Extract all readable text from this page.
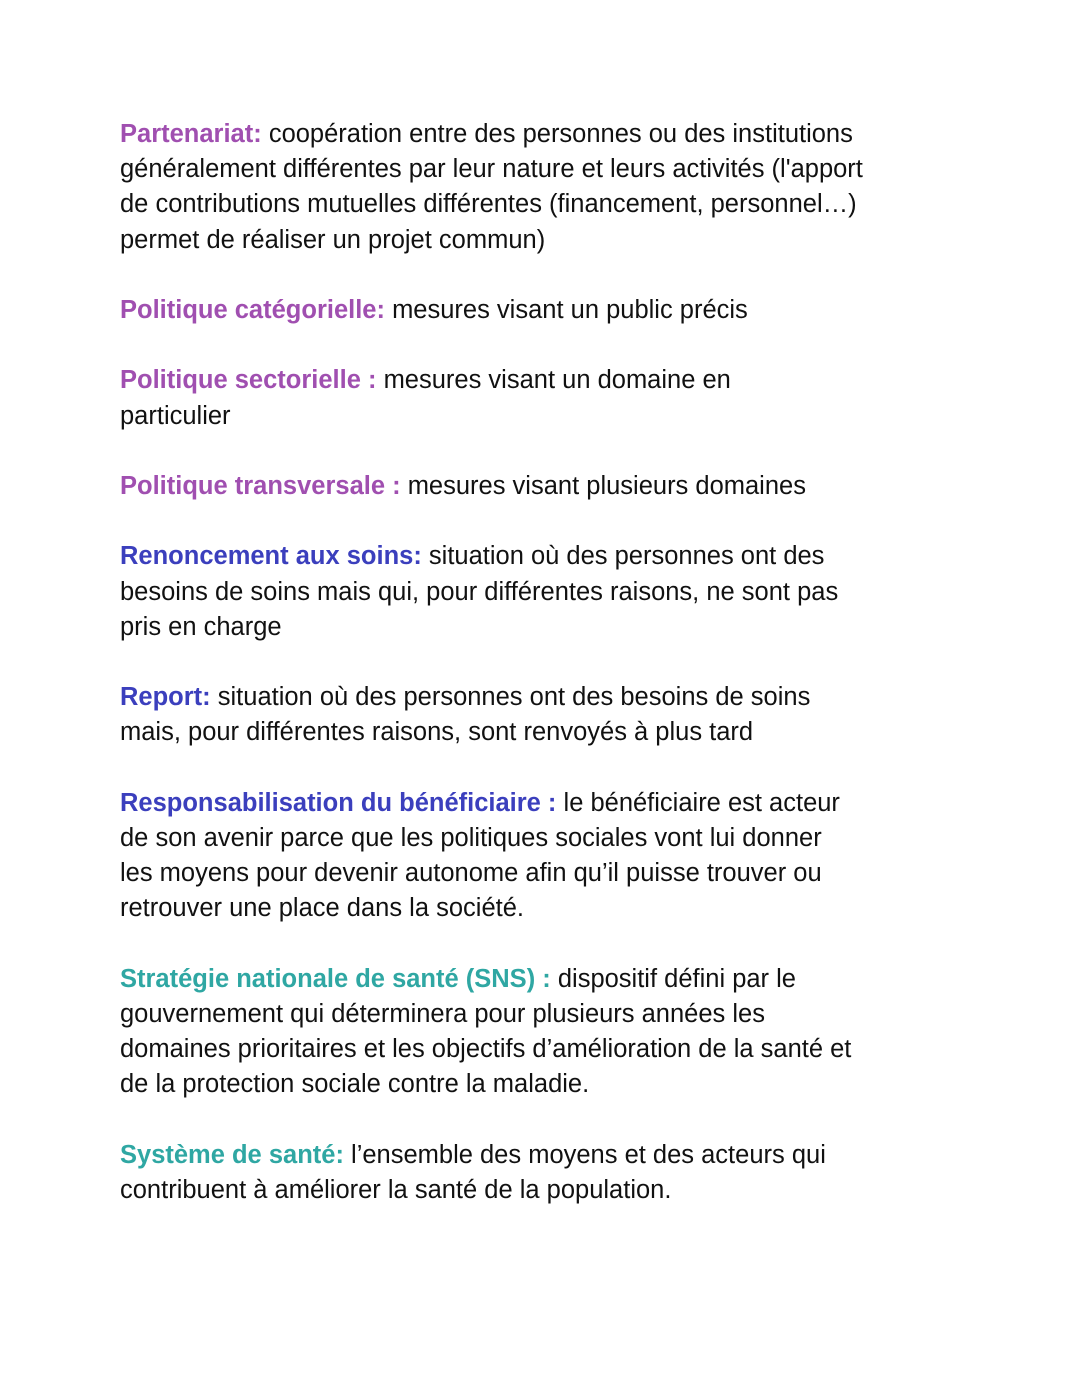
Partenariat: coopération entre des personnes ou des institutions généralement différentes par leur nature et leurs activités (l'apport de contributions mutuelles différentes (financement, personnel…) permet de réaliser un projet commun)

Politique catégorielle: mesures visant un public précis

Politique sectorielle : mesures visant un domaine en particulier

Politique transversale : mesures visant plusieurs domaines

Renoncement aux soins: situation où des personnes ont des besoins de soins mais qui, pour différentes raisons, ne sont pas pris en charge

Report: situation où des personnes ont des besoins de soins mais, pour différentes raisons, sont renvoyés à plus tard

Responsabilisation du bénéficiaire : le bénéficiaire est acteur de son avenir parce que les politiques sociales vont lui donner les moyens pour devenir autonome afin qu’il puisse trouver ou retrouver une place dans la société.

Stratégie nationale de santé (SNS) : dispositif défini par le gouvernement qui déterminera pour plusieurs années les domaines prioritaires et les objectifs d’amélioration de la santé et de la protection sociale contre la maladie.

Système de santé: l’ensemble des moyens et des acteurs qui contribuent à améliorer la santé de la population.
